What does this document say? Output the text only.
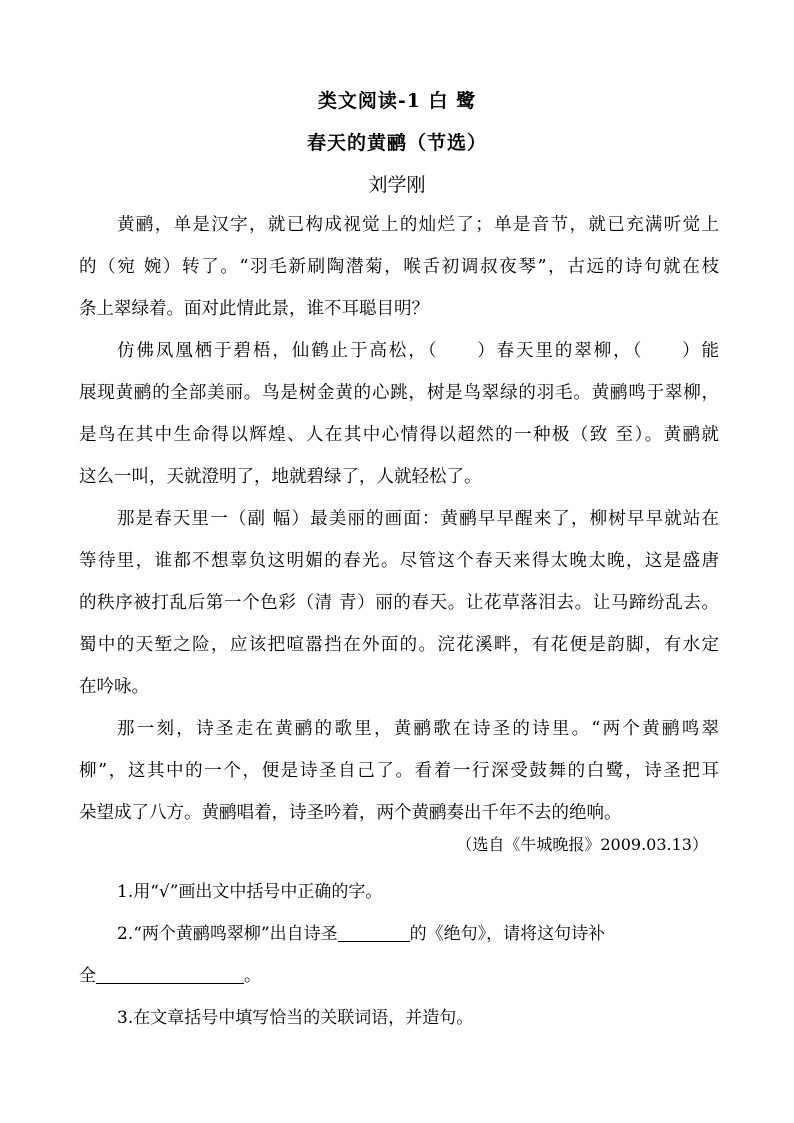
类文阅读-1 白 鹭
春天的黄鹂（节选）
刘学刚
黄鹂，单是汉字，就已构成视觉上的灿烂了；单是音节，就已充满听觉上
的（宛 婉）转了。“羽毛新刷陶潜菊，喉舌初调叔夜琴”，古远的诗句就在枝
条上翠绿着。面对此情此景，谁不耳聪目明？
仿佛凤凰栖于碧梧，仙鹤止于高松，（　　）春天里的翠柳，（　　）能
展现黄鹂的全部美丽。鸟是树金黄的心跳，树是鸟翠绿的羽毛。黄鹂鸣于翠柳，
是鸟在其中生命得以辉煌、人在其中心情得以超然的一种极（致 至）。黄鹂就
这么一叫，天就澄明了，地就碧绿了，人就轻松了。
那是春天里一（副 幅）最美丽的画面：黄鹂早早醒来了，柳树早早就站在
等待里，谁都不想辜负这明媚的春光。尽管这个春天来得太晚太晚，这是盛唐
的秩序被打乱后第一个色彩（清 青）丽的春天。让花草落泪去。让马蹄纷乱去。
蜀中的天堑之险，应该把喧嚣挡在外面的。浣花溪畔，有花便是韵脚，有水定
在吟咏。
那一刻，诗圣走在黄鹂的歌里，黄鹂歌在诗圣的诗里。“两个黄鹂鸣翠
柳”，这其中的一个，便是诗圣自己了。看着一行深受鼓舞的白鹭，诗圣把耳
朵望成了八方。黄鹂唱着，诗圣吟着，两个黄鹂奏出千年不去的绝响。
（选自《牛城晚报》2009.03.13）
1.用“√”画出文中括号中正确的字。
2.“两个黄鹂鸣翠柳”出自诗圣	的《绝句》，请将这句诗补
全	。
3.在文章括号中填写恰当的关联词语，并造句。
